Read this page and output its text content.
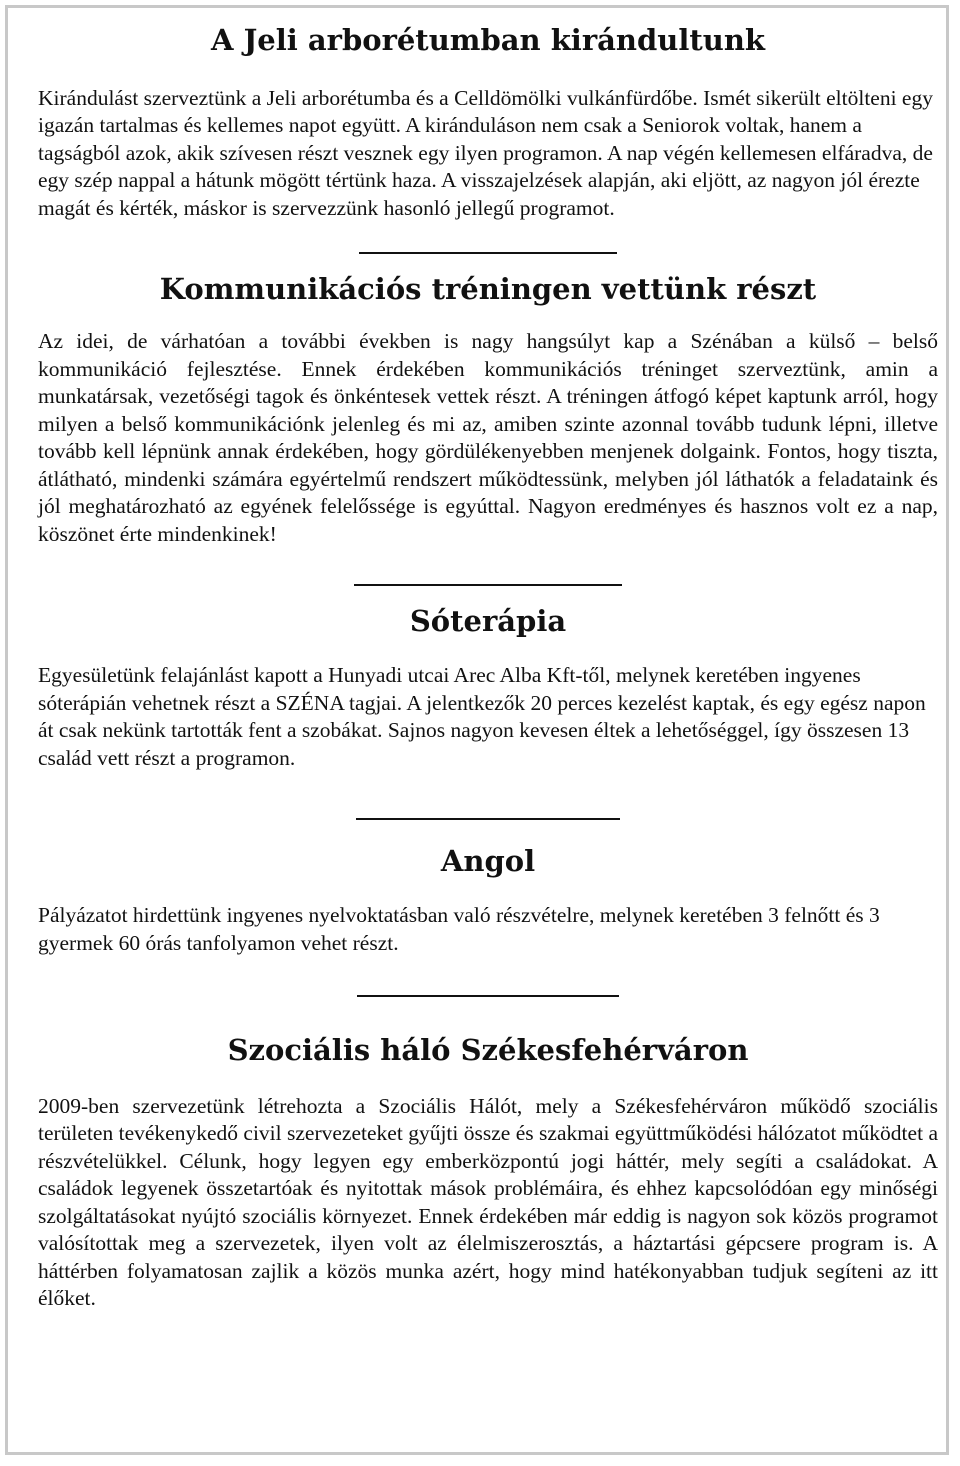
A Jeli arborétumban kirándultunk

Kirándulást szerveztünk a Jeli arborétumba és a Celldömölki vulkánfürdőbe. Ismét sikerült eltölteni egy igazán tartalmas és kellemes napot együtt. A kiránduláson nem csak a Seniorok voltak, hanem a tagságból azok, akik szívesen részt vesznek egy ilyen programon. A nap végén kellemesen elfáradva, de egy szép nappal a hátunk mögött tértünk haza. A visszajelzések alapján, aki eljött, az nagyon jól érezte magát és kérték, máskor is szervezzünk hasonló jellegű programot.

Kommunikációs tréningen vettünk részt

Az idei, de várhatóan a további években is nagy hangsúlyt kap a Szénában a külső – belső kommunikáció fejlesztése. Ennek érdekében kommunikációs tréninget szerveztünk, amin a munkatársak, vezetőségi tagok és önkéntesek vettek részt. A tréningen átfogó képet kaptunk arról, hogy milyen a belső kommunikációnk jelenleg és mi az, amiben szinte azonnal tovább tudunk lépni, illetve tovább kell lépnünk annak érdekében, hogy gördülékenyebben menjenek dolgaink. Fontos, hogy tiszta, átlátható, mindenki számára egyértelmű rendszert működtessünk, melyben jól láthatók a feladataink és jól meghatározható az egyének felelőssége is egyúttal. Nagyon eredményes és hasznos volt ez a nap, köszönet érte mindenkinek!

Sóterápia

Egyesületünk felajánlást kapott a Hunyadi utcai Arec Alba Kft-től, melynek keretében ingyenes sóterápián vehetnek részt a SZÉNA tagjai. A jelentkezők 20 perces kezelést kaptak, és egy egész napon át csak nekünk tartották fent a szobákat. Sajnos nagyon kevesen éltek a lehetőséggel, így összesen 13 család vett részt a programon.

Angol

Pályázatot hirdettünk ingyenes nyelvoktatásban való részvételre, melynek keretében 3 felnőtt és 3 gyermek 60 órás tanfolyamon vehet részt.

Szociális háló Székesfehérváron

2009-ben szervezetünk létrehozta a Szociális Hálót, mely a Székesfehérváron működő szociális területen tevékenykedő civil szervezeteket gyűjti össze és szakmai együttműködési hálózatot működtet a részvételükkel. Célunk, hogy legyen egy emberközpontú jogi háttér, mely segíti a családokat. A családok legyenek összetartóak és nyitottak mások problémáira, és ehhez kapcsolódóan egy minőségi szolgáltatásokat nyújtó szociális környezet. Ennek érdekében már eddig is nagyon sok közös programot valósítottak meg a szervezetek, ilyen volt az élelmiszerosztás, a háztartási gépcsere program is. A háttérben folyamatosan zajlik a közös munka azért, hogy mind hatékonyabban tudjuk segíteni az itt élőket.
